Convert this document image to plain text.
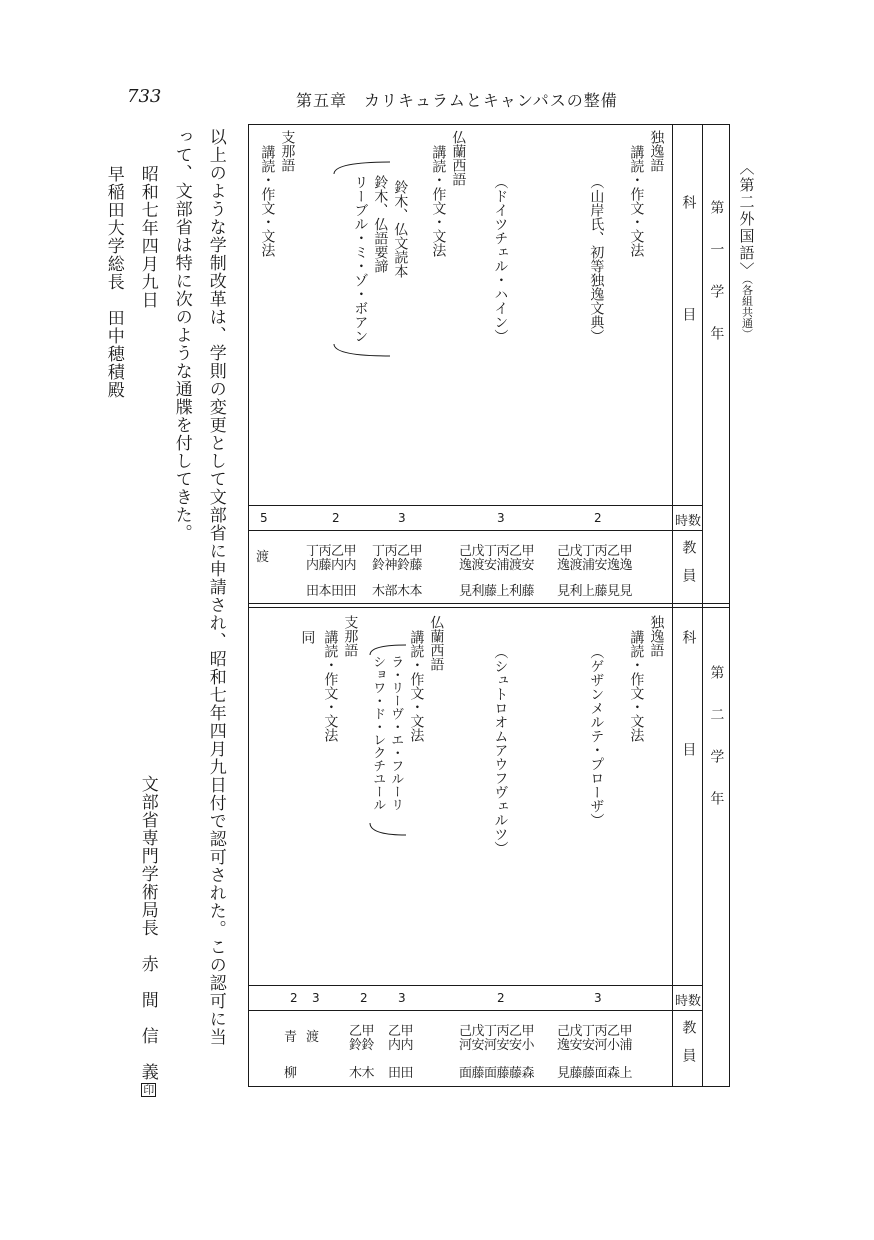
733	第五章　カリキュラムとキャンパスの整備
〈第二外国語〉（各組共通）
第　　一　　学　　年
第　　二　　学　　年
科　　　　　　　目
時数
教員
科　　　　　　　目
時数
教員
独逸語
講読・作文・文法
（山岸氏、初等独逸文典）
（ドイツチェル・ハイン）
仏蘭西語
講読・作文・文法
鈴木、仏文読本
鈴木、仏語要諦
リーブル・ミ・ゾ・ボアン
支那語
講読・作文・文法
2
3
3
2
5
己戊丁丙乙甲
逸渡浦安逸逸
見利上藤見見
己戊丁丙乙甲
逸渡安浦渡安
見利藤上利藤
丁丙乙甲
鈴神鈴藤
木部木本
丁丙乙甲
内藤内内
田本田田
渡
独逸語
講読・作文・文法
（ゲザンメルテ・プローザ）
（シュトロオムアウフヴェルツ）
仏蘭西語
講読・作文・文法
ラ・リーヴ・エ・フルーリ
ショワ・ド・レクチユール
支那語
講読・作文・文法
同
3
2
3
2
3
2
己戊丁丙乙甲
逸安安河小浦
見藤藤面森上
己戊丁丙乙甲
河安河安安小
面藤面藤藤森
乙甲
内内
田田
乙甲
鈴鈴
木木
渡
青
柳
以上のような学制改革は、学則の変更として文部省に申請され、昭和七年四月九日付で認可された。この認可に当
って、文部省は特に次のような通牒を付してきた。
文部省専門学術局長　赤　間　信　義印
昭和七年四月九日
早稲田大学総長　田中穂積殿
